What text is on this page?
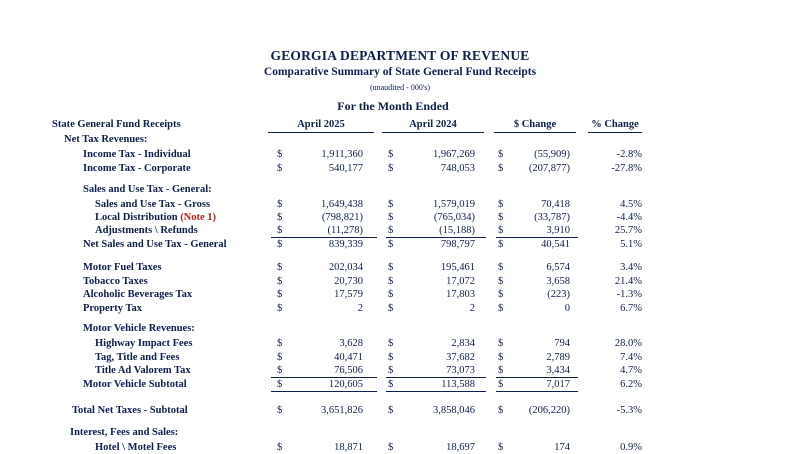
GEORGIA DEPARTMENT OF REVENUE
Comparative Summary of State General Fund Receipts
(unaudited - 000's)
For the Month Ended
State General Fund Receipts	April 2025	April 2024	$ Change	% Change
Net Tax Revenues:
Sales and Use Tax - General:
Motor Vehicle Revenues:
Interest, Fees and Sales:
Income Tax - Individual	$	1,911,360 $	1,967,269 $	(55,909)	-2.8%
Income Tax - Corporate	$	540,177 $	748,053 $	(207,877)	-27.8%
Sales and Use Tax - Gross	$	1,649,438 $	1,579,019 $	70,418	4.5%
Local Distribution (Note 1)	$	(798,821) $	(765,034) $	(33,787)	-4.4%
Adjustments \ Refunds	$	(11,278) $	(15,188) $	3,910	25.7%
Net Sales and Use Tax - General	$	839,339 $	798,797 $	40,541	5.1%
Motor Fuel Taxes	$	202,034 $	195,461 $	6,574	3.4%
Tobacco Taxes	$	20,730 $	17,072 $	3,658	21.4%
Alcoholic Beverages Tax	$	17,579 $	17,803 $	(223)	-1.3%
Property Tax	$	2 $	2 $	0	6.7%
Highway Impact Fees	$	3,628 $	2,834 $	794	28.0%
Tag, Title and Fees	$	40,471 $	37,682 $	2,789	7.4%
Title Ad Valorem Tax	$	76,506 $	73,073 $	3,434	4.7%
Motor Vehicle Subtotal	$	120,605 $	113,588 $	7,017	6.2%
Total Net Taxes - Subtotal	$	3,651,826 $	3,858,046 $	(206,220)	-5.3%
Hotel \ Motel Fees	$	18,871 $	18,697 $	174	0.9%
